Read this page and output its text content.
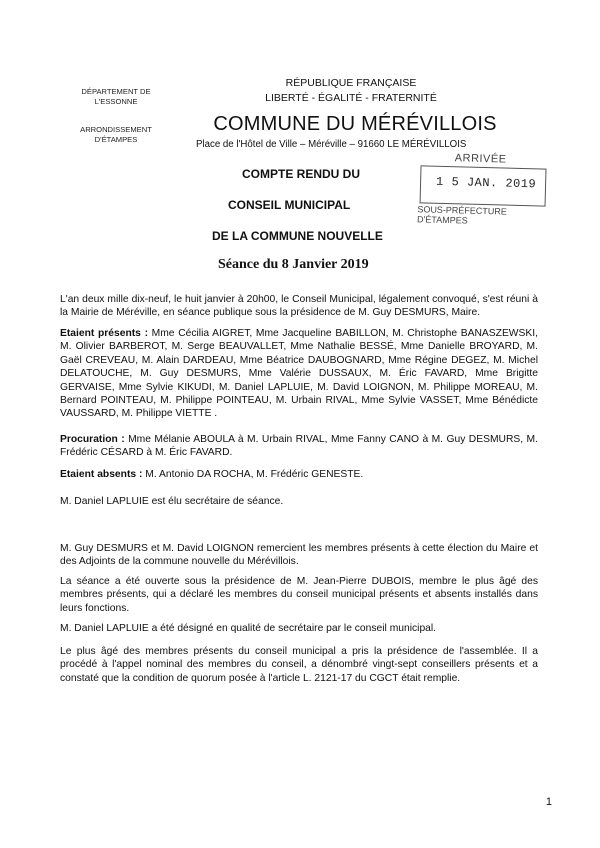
DÉPARTEMENT DE L'ESSONNE
ARRONDISSEMENT D'ÉTAMPES
RÉPUBLIQUE FRANÇAISE
LIBERTÉ - ÉGALITÉ - FRATERNITÉ
COMMUNE DU MÉRÉVILLOIS
Place de l'Hôtel de Ville – Méréville – 91660 LE MÉRÉVILLOIS
ARRIVÉE
1 5 JAN. 2019
SOUS-PRÉFECTURE D'ÉTAMPES
COMPTE RENDU DU
CONSEIL MUNICIPAL
DE LA COMMUNE NOUVELLE
Séance du 8 Janvier 2019
L'an deux mille dix-neuf, le huit janvier à 20h00, le Conseil Municipal, légalement convoqué, s'est réuni à la Mairie de Méréville, en séance publique sous la présidence de M. Guy DESMURS, Maire.
Etaient présents : Mme Cécilia AIGRET, Mme Jacqueline BABILLON, M. Christophe BANASZEWSKI, M. Olivier BARBEROT, M. Serge BEAUVALLET, Mme Nathalie BESSÉ, Mme Danielle BROYARD, M. Gaël CREVEAU, M. Alain DARDEAU, Mme Béatrice DAUBOGNARD, Mme Régine DEGEZ, M. Michel DELATOUCHE, M. Guy DESMURS, Mme Valérie DUSSAUX, M. Éric FAVARD, Mme Brigitte GERVAISE, Mme Sylvie KIKUDI, M. Daniel LAPLUIE, M. David LOIGNON, M. Philippe MOREAU, M. Bernard POINTEAU, M. Philippe POINTEAU, M. Urbain RIVAL, Mme Sylvie VASSET, Mme Bénédicte VAUSSARD, M. Philippe VIETTE .
Procuration : Mme Mélanie ABOULA à M. Urbain RIVAL, Mme Fanny CANO à M. Guy DESMURS, M. Frédéric CÉSARD à M. Éric FAVARD.
Etaient absents : M. Antonio DA ROCHA, M. Frédéric GENESTE.
M. Daniel LAPLUIE est élu secrétaire de séance.
M. Guy DESMURS et M. David LOIGNON remercient les membres présents à cette élection du Maire et des Adjoints de la commune nouvelle du Mérévillois.
La séance a été ouverte sous la présidence de M. Jean-Pierre DUBOIS, membre le plus âgé des membres présents, qui a déclaré les membres du conseil municipal présents et absents installés dans leurs fonctions.
M. Daniel LAPLUIE a été désigné en qualité de secrétaire par le conseil municipal.
Le plus âgé des membres présents du conseil municipal a pris la présidence de l'assemblée. Il a procédé à l'appel nominal des membres du conseil, a dénombré vingt-sept conseillers présents et a constaté que la condition de quorum posée à l'article L. 2121-17 du CGCT était remplie.
1
